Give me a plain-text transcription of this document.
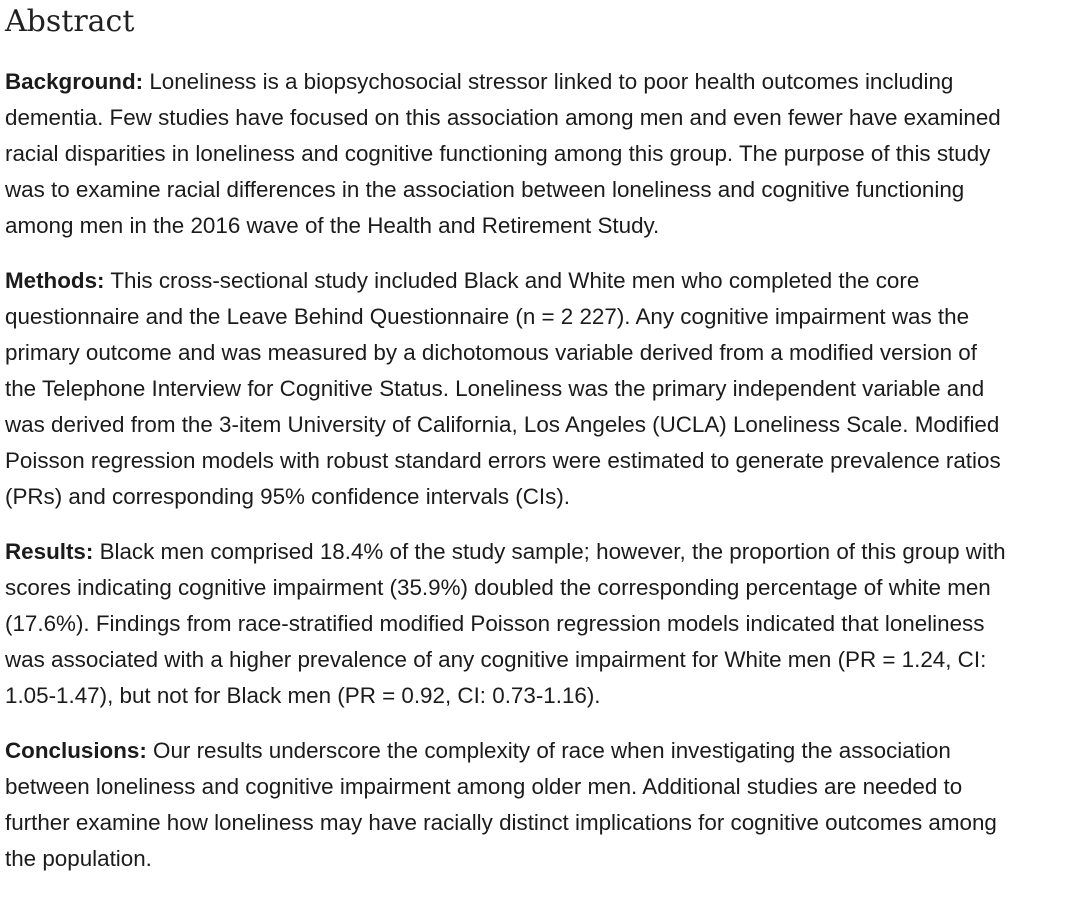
Abstract

Background: Loneliness is a biopsychosocial stressor linked to poor health outcomes including
dementia. Few studies have focused on this association among men and even fewer have examined
racial disparities in loneliness and cognitive functioning among this group. The purpose of this study
was to examine racial differences in the association between loneliness and cognitive functioning
among men in the 2016 wave of the Health and Retirement Study.

Methods: This cross-sectional study included Black and White men who completed the core
questionnaire and the Leave Behind Questionnaire (n = 2 227). Any cognitive impairment was the
primary outcome and was measured by a dichotomous variable derived from a modified version of
the Telephone Interview for Cognitive Status. Loneliness was the primary independent variable and
was derived from the 3-item University of California, Los Angeles (UCLA) Loneliness Scale. Modified
Poisson regression models with robust standard errors were estimated to generate prevalence ratios
(PRs) and corresponding 95% confidence intervals (CIs).

Results: Black men comprised 18.4% of the study sample; however, the proportion of this group with
scores indicating cognitive impairment (35.9%) doubled the corresponding percentage of white men
(17.6%). Findings from race-stratified modified Poisson regression models indicated that loneliness
was associated with a higher prevalence of any cognitive impairment for White men (PR = 1.24, CI:
1.05-1.47), but not for Black men (PR = 0.92, CI: 0.73-1.16).

Conclusions: Our results underscore the complexity of race when investigating the association
between loneliness and cognitive impairment among older men. Additional studies are needed to
further examine how loneliness may have racially distinct implications for cognitive outcomes among
the population.
